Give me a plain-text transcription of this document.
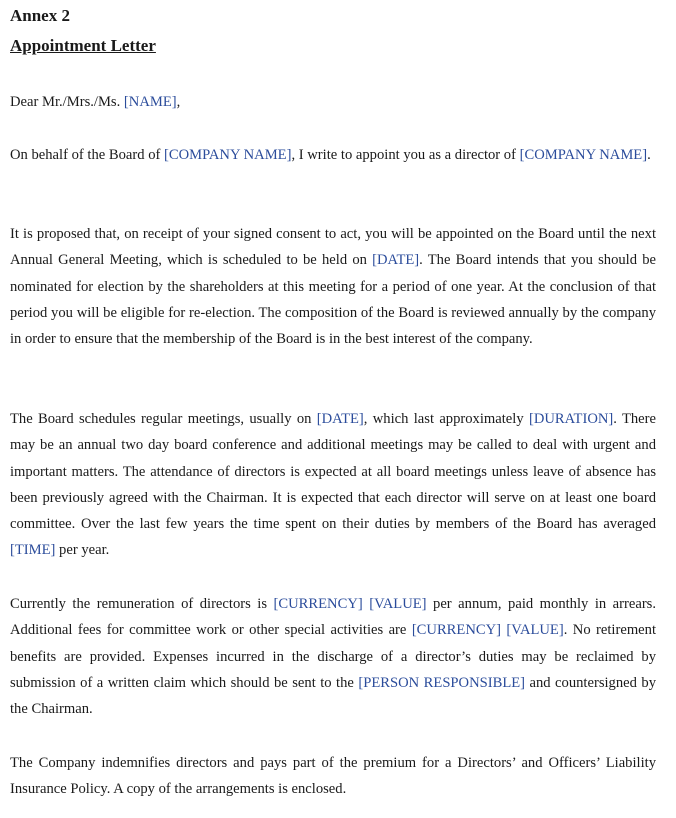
Annex 2
Appointment Letter

Dear Mr./Mrs./Ms. [NAME],

On behalf of the Board of [COMPANY NAME], I write to appoint you as a director of [COMPANY NAME].

It is proposed that, on receipt of your signed consent to act, you will be appointed on the Board until the next Annual General Meeting, which is scheduled to be held on [DATE]. The Board intends that you should be nominated for election by the shareholders at this meeting for a period of one year. At the conclusion of that period you will be eligible for re-election. The composition of the Board is reviewed annually by the company in order to ensure that the membership of the Board is in the best interest of the company.

The Board schedules regular meetings, usually on [DATE], which last approximately [DURATION]. There may be an annual two day board conference and additional meetings may be called to deal with urgent and important matters. The attendance of directors is expected at all board meetings unless leave of absence has been previously agreed with the Chairman. It is expected that each director will serve on at least one board committee. Over the last few years the time spent on their duties by members of the Board has averaged [TIME] per year.

Currently the remuneration of directors is [CURRENCY] [VALUE] per annum, paid monthly in arrears. Additional fees for committee work or other special activities are [CURRENCY] [VALUE]. No retirement benefits are provided. Expenses incurred in the discharge of a director’s duties may be reclaimed by submission of a written claim which should be sent to the [PERSON RESPONSIBLE] and countersigned by the Chairman.

The Company indemnifies directors and pays part of the premium for a Directors’ and Officers’ Liability Insurance Policy. A copy of the arrangements is enclosed.
